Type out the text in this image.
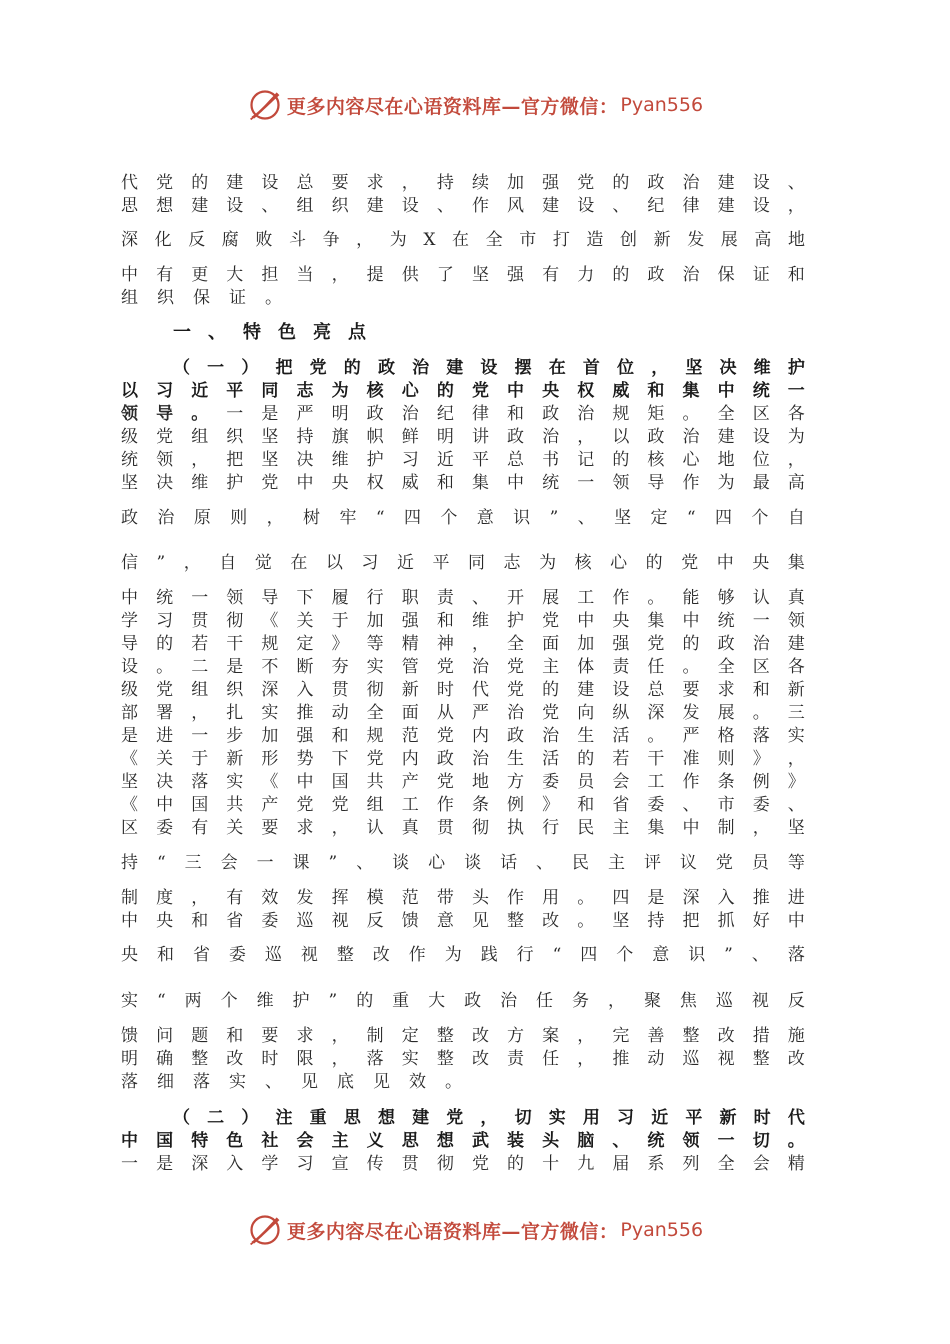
更多内容尽在心语资料库—官方微信： Pyan556
代 党 的 建 设 总 要 求 ， 持 续 加 强 党 的 政 治 建 设 、
思 想 建 设 、 组 织 建 设 、 作 风 建 设 、 纪 律 建 设 ，
深 化 反 腐 败 斗 争 ， 为 X 在 全 市 打 造 创 新 发 展 高 地
中 有 更 大 担 当 ， 提 供 了 坚 强 有 力 的 政 治 保 证 和
组 织 保 证 。
一 、 特 色 亮 点
（ 一 ） 把 党 的 政 治 建 设 摆 在 首 位 ， 坚 决 维 护
以 习 近 平 同 志 为 核 心 的 党 中 央 权 威 和 集 中 统 一
领 导 。 一 是 严 明 政 治 纪 律 和 政 治 规 矩 。 全 区 各
级 党 组 织 坚 持 旗 帜 鲜 明 讲 政 治 ， 以 政 治 建 设 为
统 领 ， 把 坚 决 维 护 习 近 平 总 书 记 的 核 心 地 位 ，
坚 决 维 护 党 中 央 权 威 和 集 中 统 一 领 导 作 为 最 高
政 治 原 则 ， 树 牢 “ 四 个 意 识 ” 、 坚 定 “ 四 个 自
信 ” ， 自 觉 在 以 习 近 平 同 志 为 核 心 的 党 中 央 集
中 统 一 领 导 下 履 行 职 责 、 开 展 工 作 。 能 够 认 真
学 习 贯 彻 《 关 于 加 强 和 维 护 党 中 央 集 中 统 一 领
导 的 若 干 规 定 》 等 精 神 ， 全 面 加 强 党 的 政 治 建
设 。 二 是 不 断 夯 实 管 党 治 党 主 体 责 任 。 全 区 各
级 党 组 织 深 入 贯 彻 新 时 代 党 的 建 设 总 要 求 和 新
部 署 ， 扎 实 推 动 全 面 从 严 治 党 向 纵 深 发 展 。 三
是 进 一 步 加 强 和 规 范 党 内 政 治 生 活 。 严 格 落 实
《 关 于 新 形 势 下 党 内 政 治 生 活 的 若 干 准 则 》 ，
坚 决 落 实 《 中 国 共 产 党 地 方 委 员 会 工 作 条 例 》
《 中 国 共 产 党 党 组 工 作 条 例 》 和 省 委 、 市 委 、
区 委 有 关 要 求 ， 认 真 贯 彻 执 行 民 主 集 中 制 ， 坚
持 “ 三 会 一 课 ” 、 谈 心 谈 话 、 民 主 评 议 党 员 等
制 度 ， 有 效 发 挥 模 范 带 头 作 用 。 四 是 深 入 推 进
中 央 和 省 委 巡 视 反 馈 意 见 整 改 。 坚 持 把 抓 好 中
央 和 省 委 巡 视 整 改 作 为 践 行 “ 四 个 意 识 ” 、 落
实 “ 两 个 维 护 ” 的 重 大 政 治 任 务 ， 聚 焦 巡 视 反
馈 问 题 和 要 求 ， 制 定 整 改 方 案 ， 完 善 整 改 措 施
明 确 整 改 时 限 ， 落 实 整 改 责 任 ， 推 动 巡 视 整 改
落 细 落 实 、 见 底 见 效 。
（ 二 ） 注 重 思 想 建 党 ， 切 实 用 习 近 平 新 时 代
中 国 特 色 社 会 主 义 思 想 武 装 头 脑 、 统 领 一 切 。
一 是 深 入 学 习 宣 传 贯 彻 党 的 十 九 届 系 列 全 会 精
更多内容尽在心语资料库—官方微信： Pyan556
